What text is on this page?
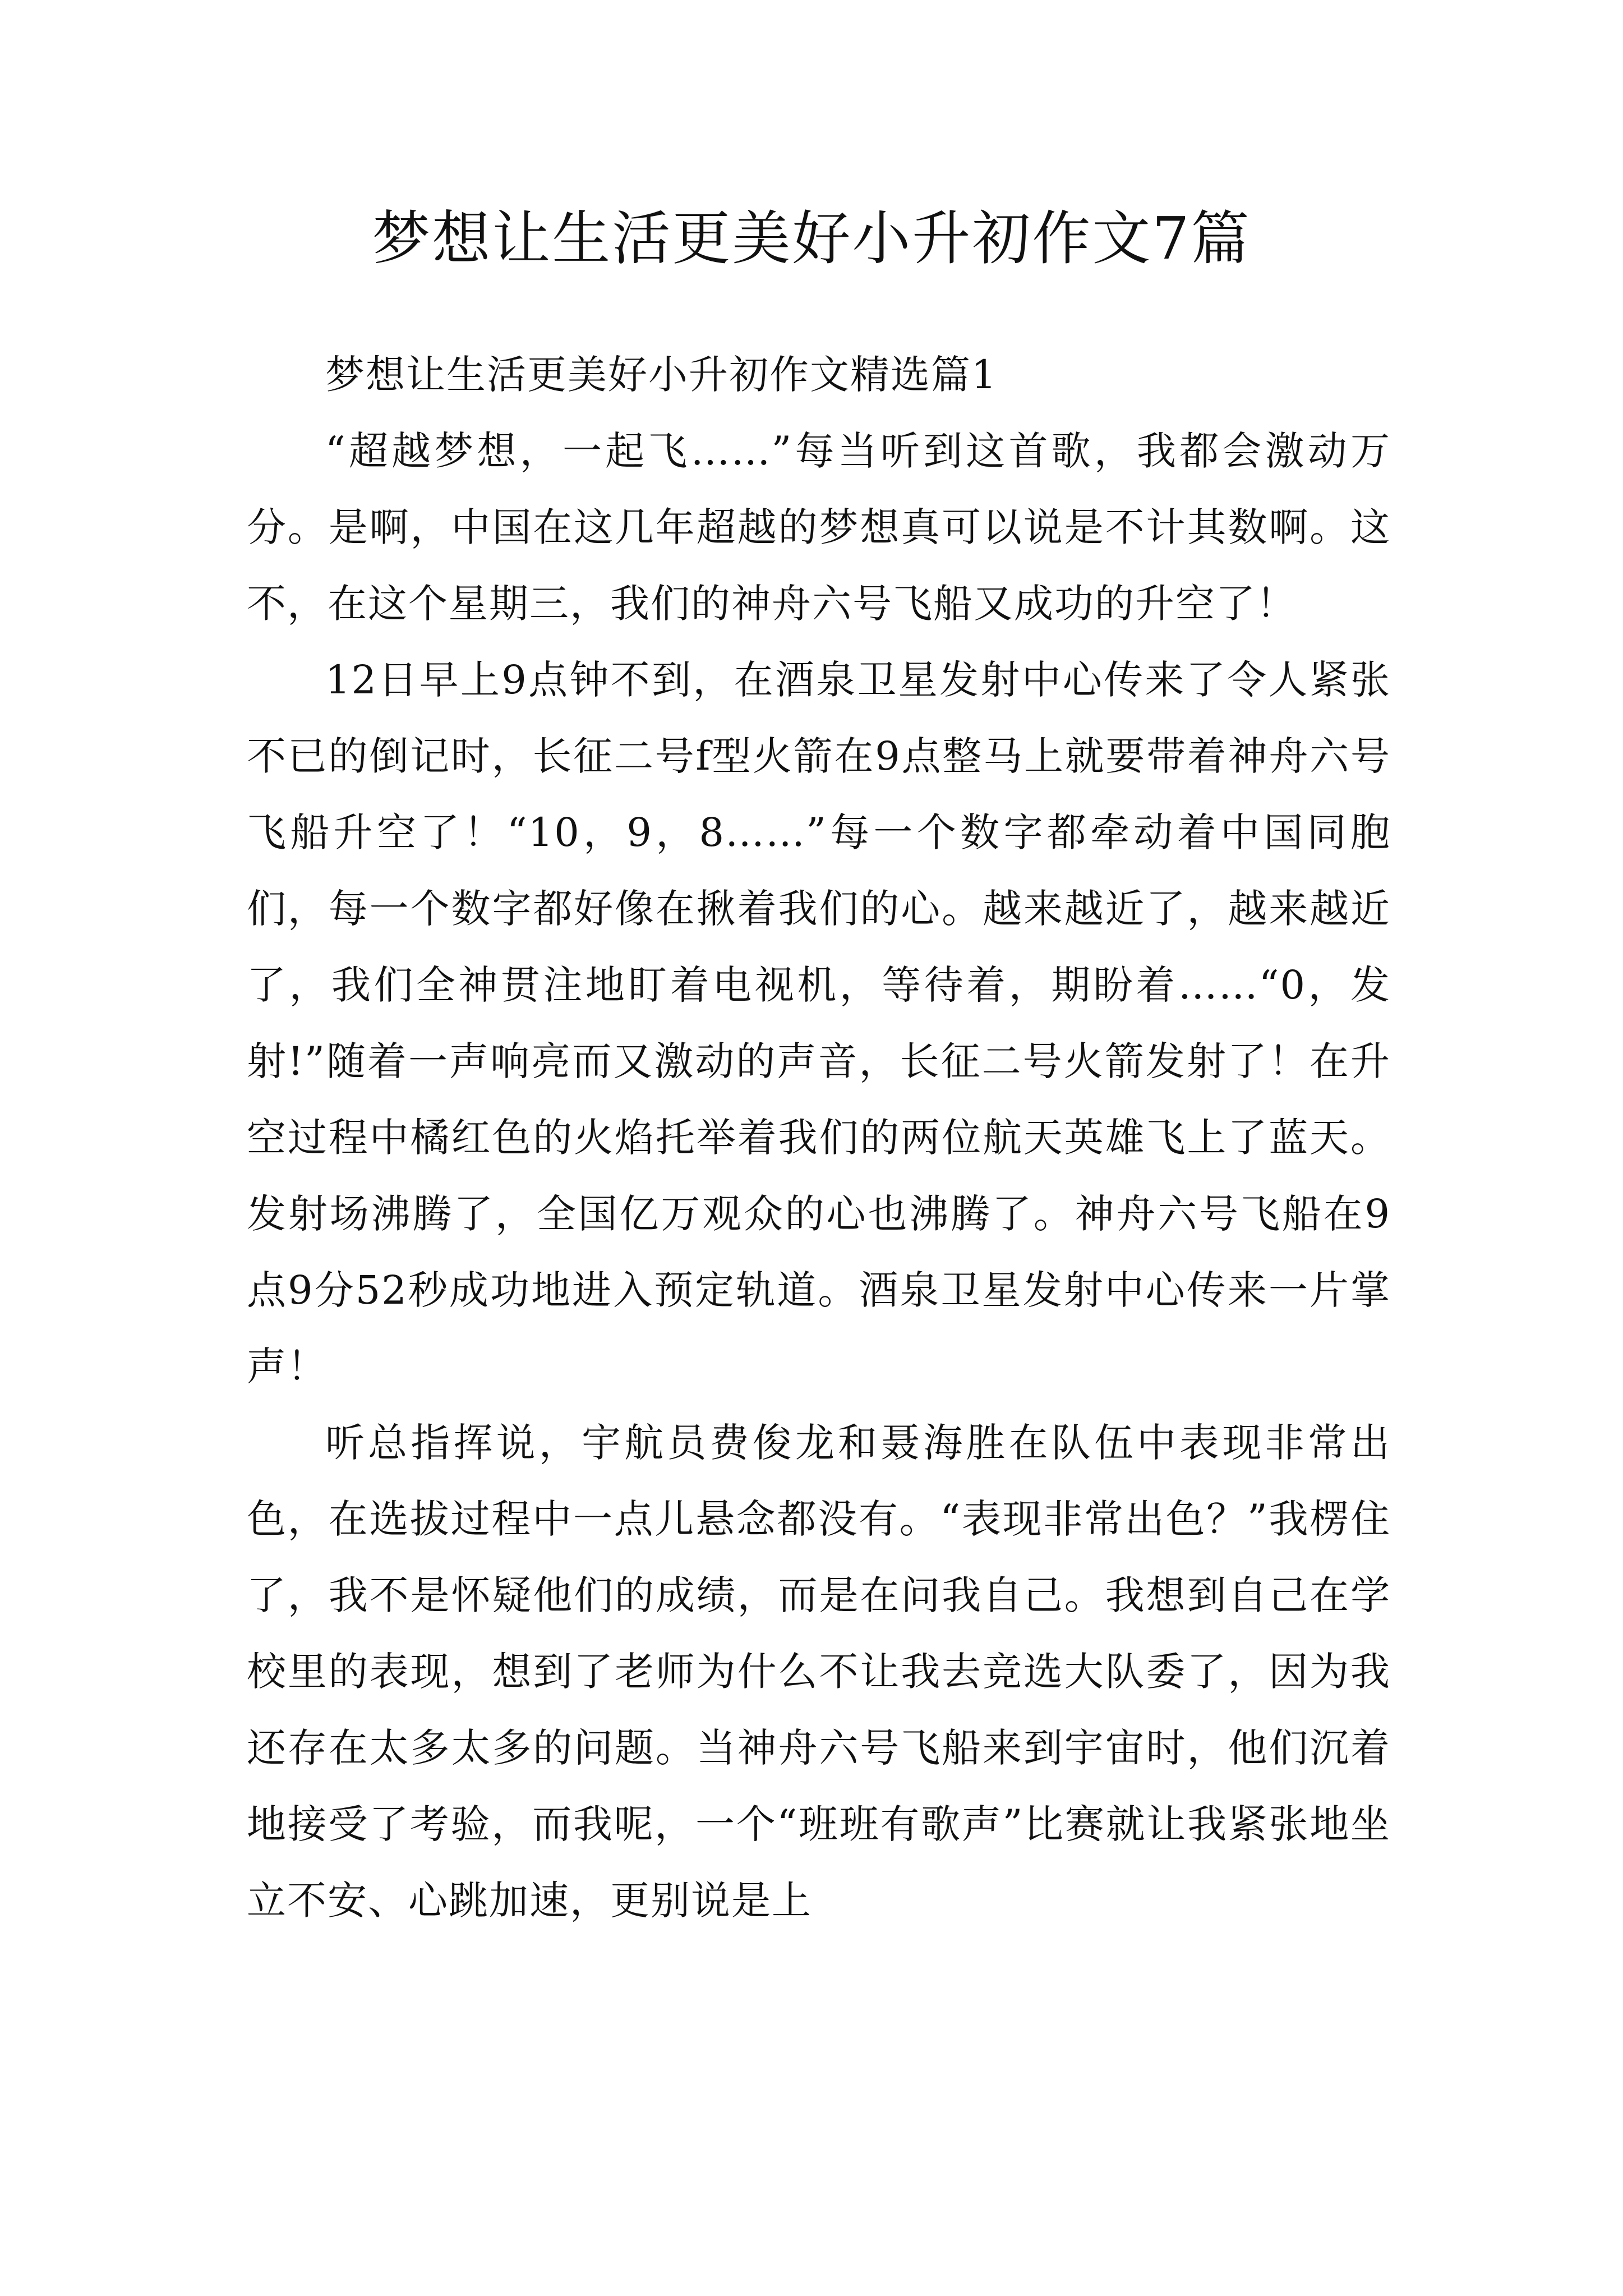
梦想让生活更美好小升初作文7篇

梦想让生活更美好小升初作文精选篇1

“超越梦想，一起飞……”每当听到这首歌，我都会激动万分。是啊，中国在这几年超越的梦想真可以说是不计其数啊。这不，在这个星期三，我们的神舟六号飞船又成功的升空了！

12日早上9点钟不到，在酒泉卫星发射中心传来了令人紧张不已的倒记时，长征二号f型火箭在9点整马上就要带着神舟六号飞船升空了！“10，9，8……”每一个数字都牵动着中国同胞们，每一个数字都好像在揪着我们的心。越来越近了，越来越近了，我们全神贯注地盯着电视机，等待着，期盼着……“0，发射!”随着一声响亮而又激动的声音，长征二号火箭发射了！在升空过程中橘红色的火焰托举着我们的两位航天英雄飞上了蓝天。发射场沸腾了，全国亿万观众的心也沸腾了。神舟六号飞船在9点9分52秒成功地进入预定轨道。酒泉卫星发射中心传来一片掌声！

听总指挥说，宇航员费俊龙和聂海胜在队伍中表现非常出色，在选拔过程中一点儿悬念都没有。“表现非常出色？”我楞住了，我不是怀疑他们的成绩，而是在问我自己。我想到自己在学校里的表现，想到了老师为什么不让我去竞选大队委了，因为我还存在太多太多的问题。当神舟六号飞船来到宇宙时，他们沉着地接受了考验，而我呢，一个“班班有歌声”比赛就让我紧张地坐立不安、心跳加速，更别说是上
